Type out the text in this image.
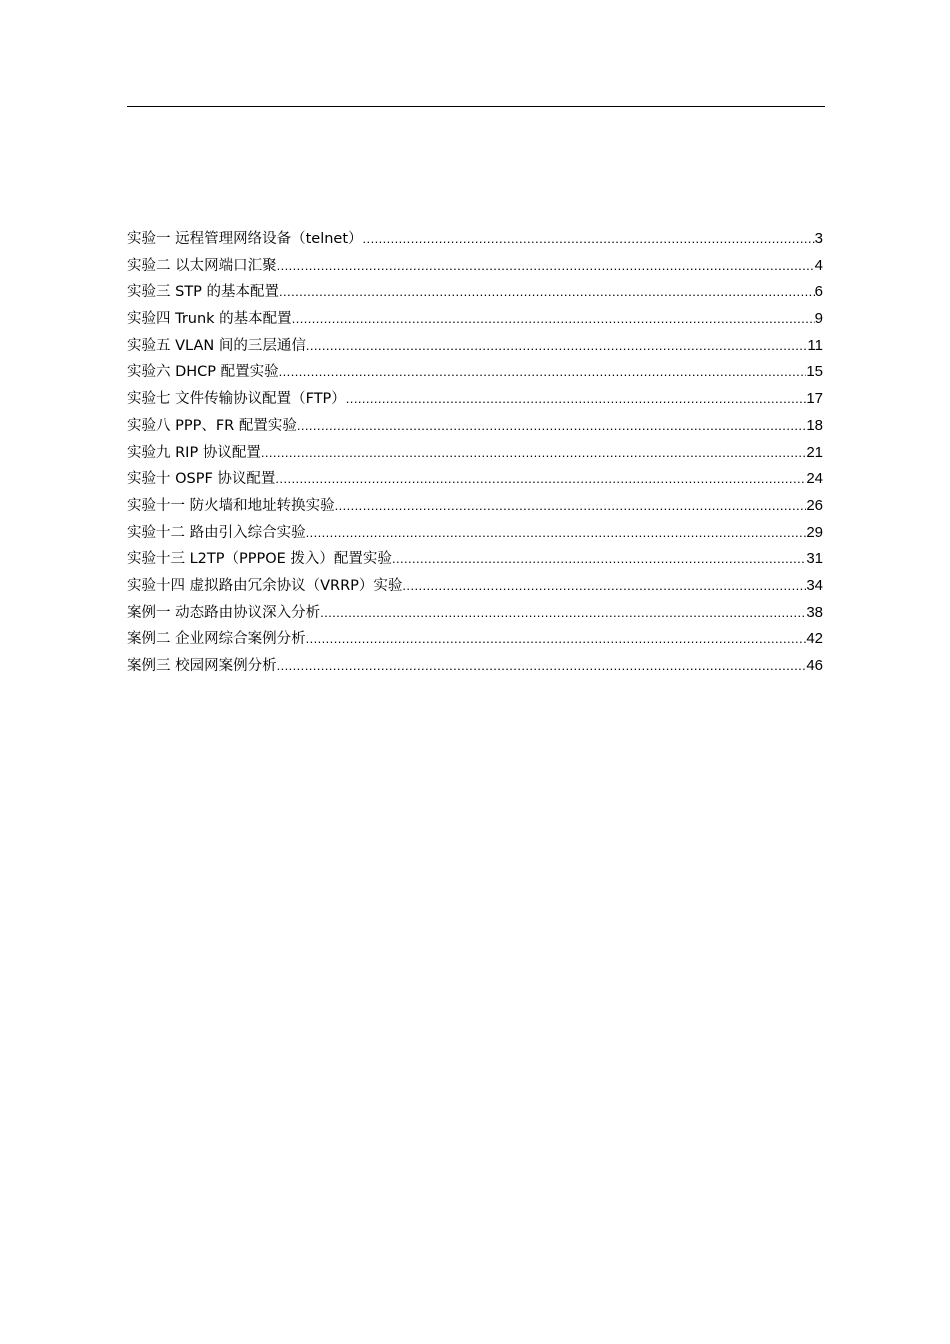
实验一 远程管理网络设备（telnet） .....	3
实验二 以太网端口汇聚 .....	4
实验三 STP 的基本配置 .....	6
实验四 Trunk 的基本配置 .....	9
实验五 VLAN 间的三层通信 .....	11
实验六 DHCP 配置实验 .....	15
实验七 文件传输协议配置（FTP） .....	17
实验八 PPP、FR 配置实验 .....	18
实验九 RIP 协议配置 .....	21
实验十 OSPF 协议配置 .....	24
实验十一 防火墙和地址转换实验 .....	26
实验十二 路由引入综合实验 .....	29
实验十三 L2TP（PPPOE 拨入）配置实验 .....	31
实验十四 虚拟路由冗余协议（VRRP）实验 .....	34
案例一 动态路由协议深入分析 .....	38
案例二 企业网综合案例分析 .....	42
案例三 校园网案例分析 .....	46
